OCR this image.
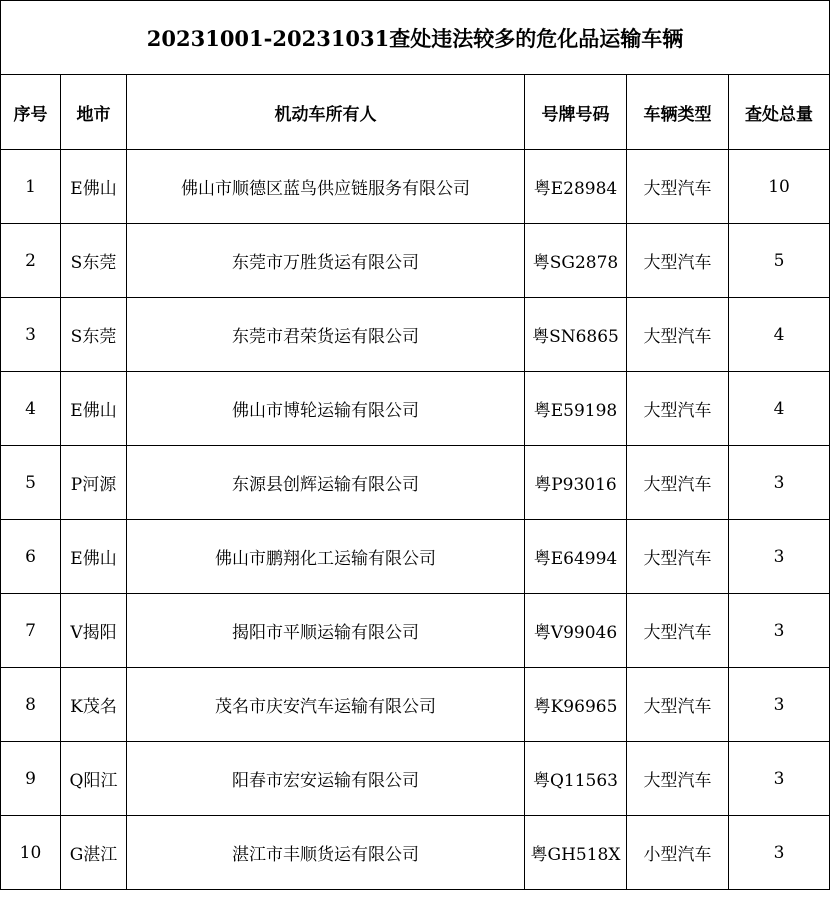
20231001-20231031查处违法较多的危化品运输车辆					
序号	地市	机动车所有人	号牌号码	车辆类型	查处总量
1	E佛山	佛山市顺德区蓝鸟供应链服务有限公司	粤E28984	大型汽车	10
2	S东莞	东莞市万胜货运有限公司	粤SG2878	大型汽车	5
3	S东莞	东莞市君荣货运有限公司	粤SN6865	大型汽车	4
4	E佛山	佛山市博轮运输有限公司	粤E59198	大型汽车	4
5	P河源	东源县创辉运输有限公司	粤P93016	大型汽车	3
6	E佛山	佛山市鹏翔化工运输有限公司	粤E64994	大型汽车	3
7	V揭阳	揭阳市平顺运输有限公司	粤V99046	大型汽车	3
8	K茂名	茂名市庆安汽车运输有限公司	粤K96965	大型汽车	3
9	Q阳江	阳春市宏安运输有限公司	粤Q11563	大型汽车	3
10	G湛江	湛江市丰顺货运有限公司	粤GH518X	小型汽车	3
